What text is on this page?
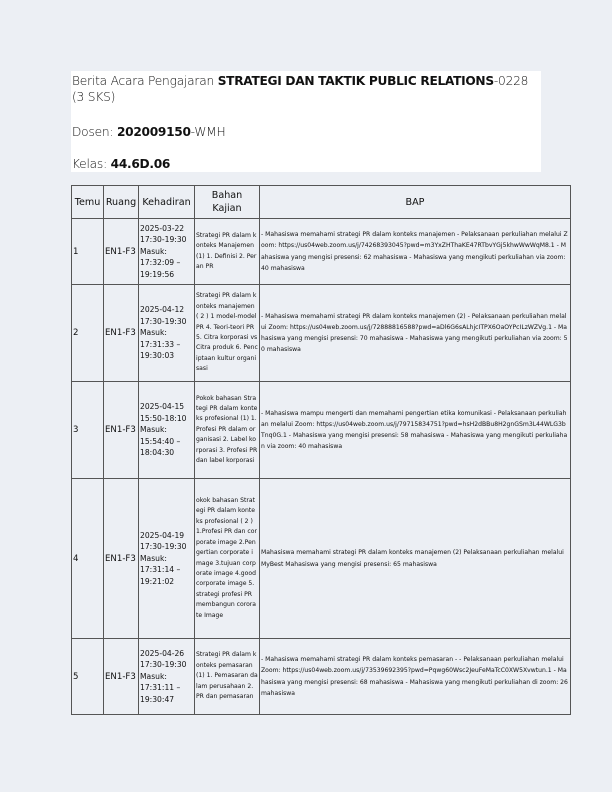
Berita Acara Pengajaran STRATEGI DAN TAKTIK PUBLIC RELATIONS-0228 (3 SKS)
Dosen: 202009150-WMH
Kelas: 44.6D.06
Temu	Ruang	Kehadiran	Bahan Kajian	BAP
1	EN1-F3	2025-03-22 17:30-19:30 Masuk: 17:32:09 – 19:19:56	Strategi PR dalam konteks Manajemen (1) 1. Definisi 2. Peran PR	- Mahasiswa memahami strategi PR dalam konteks manajemen - Pelaksanaan perkuliahan melalui Zoom: https://us04web.zoom.us/j/74268393045?pwd=m3YxZHThaKE47RTbvYGj5khwWwWqM8.1 - Mahasiswa yang mengisi presensi: 62 mahasiswa - Mahasiswa yang mengikuti perkuliahan via zoom: 40 mahasiswa
2	EN1-F3	2025-04-12 17:30-19:30 Masuk: 17:31:33 – 19:30:03	Strategi PR dalam konteks manajemen ( 2 ) 1 model-model PR 4. Teori-teori PR 5. Citra korporasi vs Citra produk 6. Penciptaan kultur organisasi	- Mahasiswa memahami strategi PR dalam konteks manajemen (2) - Pelaksanaan perkuliahan melalui Zoom: https://us04web.zoom.us/j/72888816588?pwd=aDl6G6sALhjcITPX6OaOYPcILzWZVg.1 - Mahasiswa yang mengisi presensi: 70 mahasiswa - Mahasiswa yang mengikuti perkuliahan via zoom: 50 mahasiswa
3	EN1-F3	2025-04-15 15:50-18:10 Masuk: 15:54:40 – 18:04:30	Pokok bahasan Strategi PR dalam konteks profesional (1) 1. Profesi PR dalam organisasi 2. Label korporasi 3. Profesi PR dan label korporasi	- Mahasiswa mampu mengerti dan memahami pengertian etika komunikasi - Pelaksanaan perkuliahan melalui Zoom: https://us04web.zoom.us/j/79715834751?pwd=hsH2dBBu8H2gnGSm3L44WLG3bTnq0G.1 - Mahasiswa yang mengisi presensi: 58 mahasiswa - Mahasiswa yang mengikuti perkuliahan via zoom: 40 mahasiswa
4	EN1-F3	2025-04-19 17:30-19:30 Masuk: 17:31:14 – 19:21:02	okok bahasan Strategi PR dalam konteks profesional ( 2 ) 1.Profesi PR dan corporate image 2.Pengertian corporate image 3.tujuan corporate image 4.good corporate image 5. strategi profesi PR membangun cororate Image	Mahasiswa memahami strategi PR dalam konteks manajemen (2) Pelaksanaan perkuliahan melalui MyBest Mahasiswa yang mengisi presensi: 65 mahasiswa
5	EN1-F3	2025-04-26 17:30-19:30 Masuk: 17:31:11 – 19:30:47	Strategi PR dalam konteks pemasaran (1) 1. Pemasaran dalam perusahaan 2. PR dan pemasaran	- Mahasiswa memahami strategi PR dalam konteks pemasaran - - Pelaksanaan perkuliahan melalui Zoom: https://us04web.zoom.us/j/73539692395?pwd=Pqwg60Wsc2JeuFeMaTcC0XW5Xvwtun.1 - Mahasiswa yang mengisi presensi: 68 mahasiswa - Mahasiswa yang mengikuti perkuliahan di zoom: 26 mahasiswa
